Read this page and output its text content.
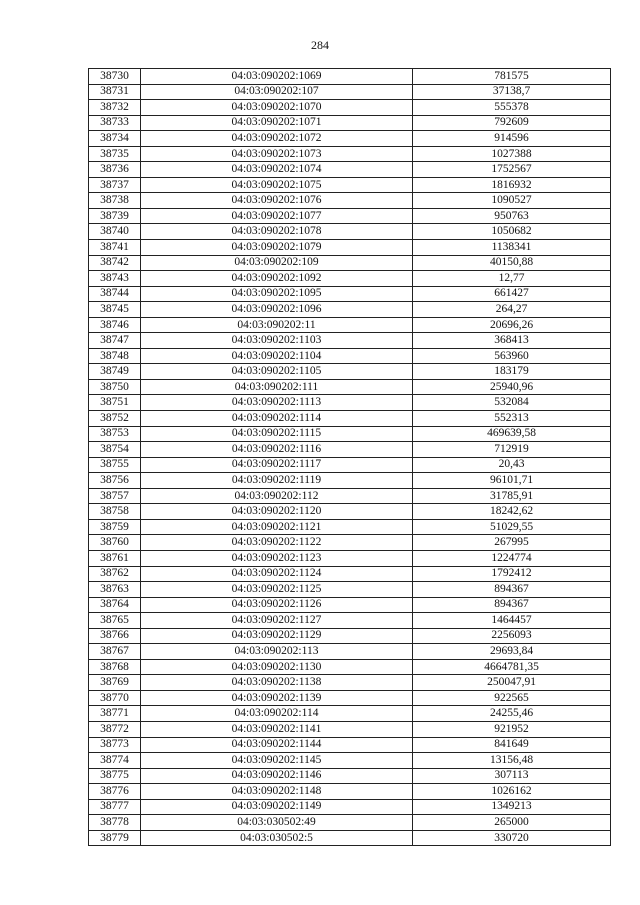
284
38730	04:03:090202:1069	781575
38731	04:03:090202:107	37138,7
38732	04:03:090202:1070	555378
38733	04:03:090202:1071	792609
38734	04:03:090202:1072	914596
38735	04:03:090202:1073	1027388
38736	04:03:090202:1074	1752567
38737	04:03:090202:1075	1816932
38738	04:03:090202:1076	1090527
38739	04:03:090202:1077	950763
38740	04:03:090202:1078	1050682
38741	04:03:090202:1079	1138341
38742	04:03:090202:109	40150,88
38743	04:03:090202:1092	12,77
38744	04:03:090202:1095	661427
38745	04:03:090202:1096	264,27
38746	04:03:090202:11	20696,26
38747	04:03:090202:1103	368413
38748	04:03:090202:1104	563960
38749	04:03:090202:1105	183179
38750	04:03:090202:111	25940,96
38751	04:03:090202:1113	532084
38752	04:03:090202:1114	552313
38753	04:03:090202:1115	469639,58
38754	04:03:090202:1116	712919
38755	04:03:090202:1117	20,43
38756	04:03:090202:1119	96101,71
38757	04:03:090202:112	31785,91
38758	04:03:090202:1120	18242,62
38759	04:03:090202:1121	51029,55
38760	04:03:090202:1122	267995
38761	04:03:090202:1123	1224774
38762	04:03:090202:1124	1792412
38763	04:03:090202:1125	894367
38764	04:03:090202:1126	894367
38765	04:03:090202:1127	1464457
38766	04:03:090202:1129	2256093
38767	04:03:090202:113	29693,84
38768	04:03:090202:1130	4664781,35
38769	04:03:090202:1138	250047,91
38770	04:03:090202:1139	922565
38771	04:03:090202:114	24255,46
38772	04:03:090202:1141	921952
38773	04:03:090202:1144	841649
38774	04:03:090202:1145	13156,48
38775	04:03:090202:1146	307113
38776	04:03:090202:1148	1026162
38777	04:03:090202:1149	1349213
38778	04:03:030502:49	265000
38779	04:03:030502:5	330720
